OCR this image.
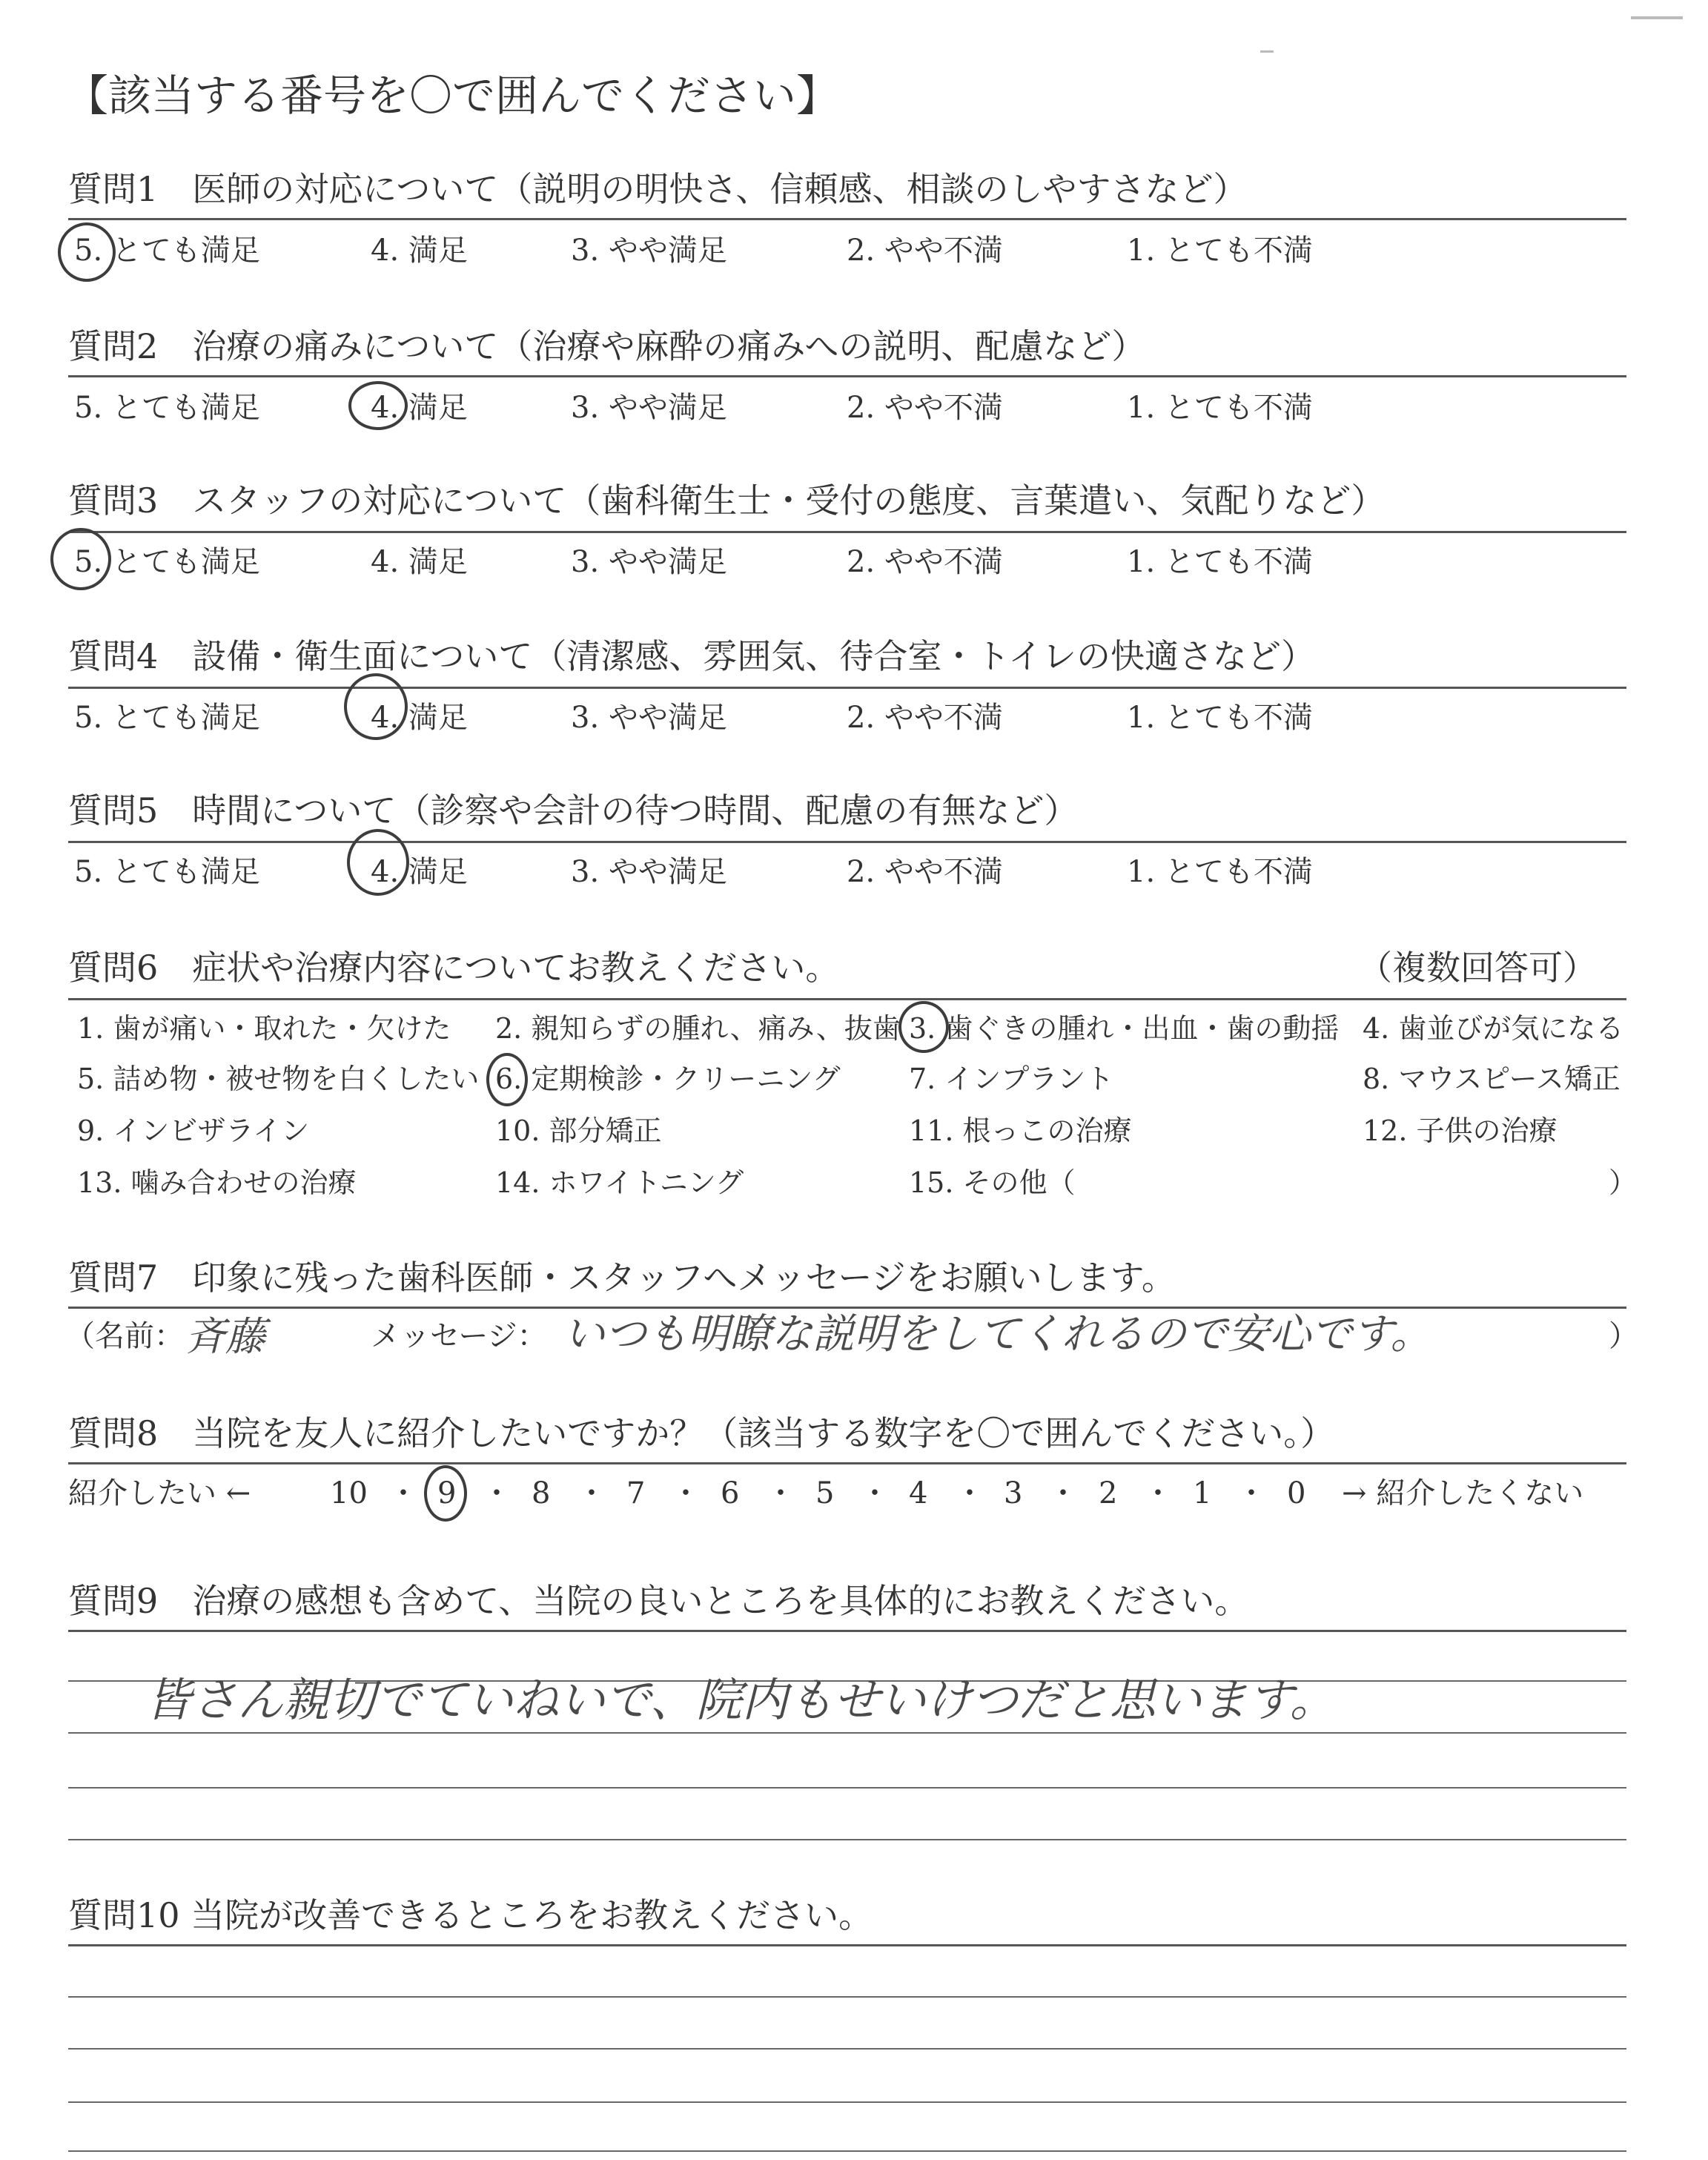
【該当する番号を〇で囲んでください】
質問1　医師の対応について（説明の明快さ、信頼感、相談のしやすさなど）
5. とても満足	4. 満足	3. やや満足	2. やや不満	1. とても不満
質問2　治療の痛みについて（治療や麻酔の痛みへの説明、配慮など）
5. とても満足	4. 満足	3. やや満足	2. やや不満	1. とても不満
質問3　スタッフの対応について（歯科衛生士・受付の態度、言葉遣い、気配りなど）
5. とても満足	4. 満足	3. やや満足	2. やや不満	1. とても不満
質問4　設備・衛生面について（清潔感、雰囲気、待合室・トイレの快適さなど）
5. とても満足	4. 満足	3. やや満足	2. やや不満	1. とても不満
質問5　時間について（診察や会計の待つ時間、配慮の有無など）
5. とても満足	4. 満足	3. やや満足	2. やや不満	1. とても不満
質問6　症状や治療内容についてお教えください。	（複数回答可）
1. 歯が痛い・取れた・欠けた 2. 親知らずの腫れ、痛み、抜歯 3. 歯ぐきの腫れ・出血・歯の動揺 4. 歯並びが気になる
5. 詰め物・被せ物を白くしたい 6. 定期検診・クリーニング 7. インプラント	8. マウスピース矯正
9. インビザライン	10. 部分矯正	11. 根っこの治療	12. 子供の治療
13. 噛み合わせの治療	14. ホワイトニング	15. その他（	）
質問7　印象に残った歯科医師・スタッフへメッセージをお願いします。
（名前： 斉藤	メッセージ： いつも明瞭な説明をしてくれるので安心です。	）
質問8　当院を友人に紹介したいですか？（該当する数字を〇で囲んでください。）
紹介したい ←	10 ・ 9 ・ 8 ・ 7 ・ 6 ・ 5 ・ 4 ・ 3 ・ 2 ・ 1 ・ 0 → 紹介したくない
質問9　治療の感想も含めて、当院の良いところを具体的にお教えください。
皆さん親切でていねいで、院内もせいけつだと思います。
質問10 当院が改善できるところをお教えください。
